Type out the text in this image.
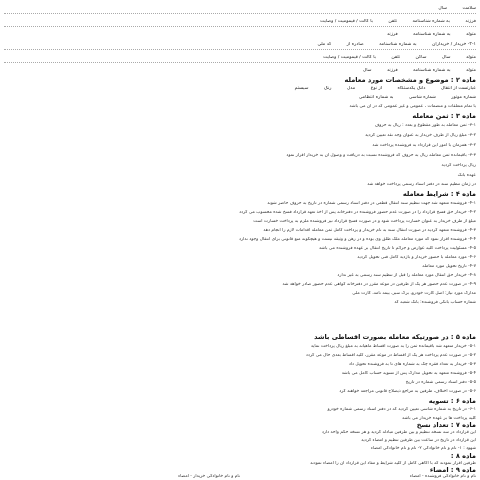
سلامت سال
فرزند به شماره شناسنامه تلفن با کالت / قیمومیت / وصایت
متولد به شماره شناسنامه فرزند
۲-۱- خریدار / خریداران به شماره شناسنامه صادره از کد ملی
متولد سال ساکن تلفن با کالت / قیمومیت / وصایت
متولد به شماره شناسنامه فرزند سال
ماده ۲ : موضوع و مشخصات مورد معامله
عبارتست از انتقال دانگ یکدستگاه از نوع مدل رنگ سیستم
شماره موتور شماره شاسی به شماره انتظامی
با تمام متعلقات و منضمات ، عمومی و غیر عمومی که در آن می باشد
ماده ۳ : ثمن معامله
۳-۱- ثمن معامله به طور مقطوع و بعدد : ریال به حروف
۳-۲- مبلغ ریال از طرف خریدار به عنوان وجه نقد تعیین گردید
۳-۲- همزمان با امور این قرارداد به فروشنده پرداخت شد
۳-۳- باقیمانده ثمن معامله ریال به حروف که فروشنده نسبت به دریافت و وصول آن به خریدار اقرار نمود
ریال پرداخت گردید
عهده بانک
در زمان تنظیم سند در دفتر اسناد رسمی پرداخت خواهد شد
ماده ۴ : شرایط معامله
۴-۱- فروشنده متعهد شد جهت تنظیم سند انتقال قطعی در دفتر اسناد رسمی شماره در تاریخ به حروف حاضر شوند
۴-۲- خریدار حق فسخ قرارداد را در صورت عدم حضور فروشنده در دفترخانه پس از اخذ تعهد قرارداد فسخ شده محسوب می گردد
مبلغ از طرف خریدار به عنوان خسارت پرداخت شود و در صورت فسخ قرارداد نیز فروشنده ملزم به پرداخت خسارت است
۴-۳- فروشنده متعهد گردید در صورت انتقال سند به نام خریدار و پرداخت کامل ثمن معامله اقدامات لازم را انجام دهد
۴-۴- فروشنده اقرار نمود که مورد معامله ملک طلق وی بوده و در رهن و وثیقه نیست و هیچگونه منع قانونی برای انتقال وجود ندارد
۴-۵- مسئولیت پرداخت کلیه عوارض و جرائم تا تاریخ انتقال بر عهده فروشنده می باشد
۴-۶- مورد معامله با حضور خریدار و بازدید کامل فنی تحویل گردید
۴-۷- تاریخ تحویل مورد معامله
۴-۸- خریدار حق انتقال مورد معامله را قبل از تنظیم سند رسمی به غیر ندارد
۴-۹- در صورت عدم حضور هر یک از طرفین در موعد مقرر در دفترخانه گواهی عدم حضور صادر خواهد شد
مدارک مورد نیاز: اصل کارت خودرو، برگ سبز، بیمه نامه، کارت ملی
شماره حساب بانکی فروشنده: بانک شعبه کد
ماده ۵ : در صورتیکه معامله بصورت اقساطی باشد
۵-۱- خریدار متعهد شد باقیمانده ثمن را به صورت اقساط ماهیانه به مبلغ ریال پرداخت نماید
۵-۲- در صورت عدم پرداخت هر یک از اقساط در موعد مقرر، کلیه اقساط بعدی حال می گردد
۵-۳- خریدار به تعداد فقره چک به شماره های تا به فروشنده تحویل داد
۵-۴- فروشنده متعهد به تحویل مدارک پس از تسویه حساب کامل می باشد
۵-۵- دفتر اسناد رسمی شماره در تاریخ
۵-۶- در صورت اختلاف، طرفین به مراجع ذیصلاح قانونی مراجعه خواهند کرد
ماده ۶ : تسویه
۶-۱- در تاریخ به شماره شاسی تعیین گردید که در دفتر اسناد رسمی شماره خودرو
کلیه پرداخت ها بر عهده خریدار می باشد
ماده ۷ : تعداد نسخ
این قرارداد در سه نسخه تنظیم و بین طرفین مبادله گردید و هر نسخه حکم واحد دارد
این قرارداد در تاریخ در ساعت بین طرفین تنظیم و امضاء گردید
شهود : ۱- نام و نام خانوادگی ۲- نام و نام خانوادگی امضاء
ماده ۸ :
طرفین اقرار نمودند که با آگاهی کامل از کلیه شرایط و مفاد این قرارداد آن را امضاء نمودند
ماده ۹ : امضاء
نام و نام خانوادگی فروشنده - امضاء
نام و نام خانوادگی خریدار - امضاء
